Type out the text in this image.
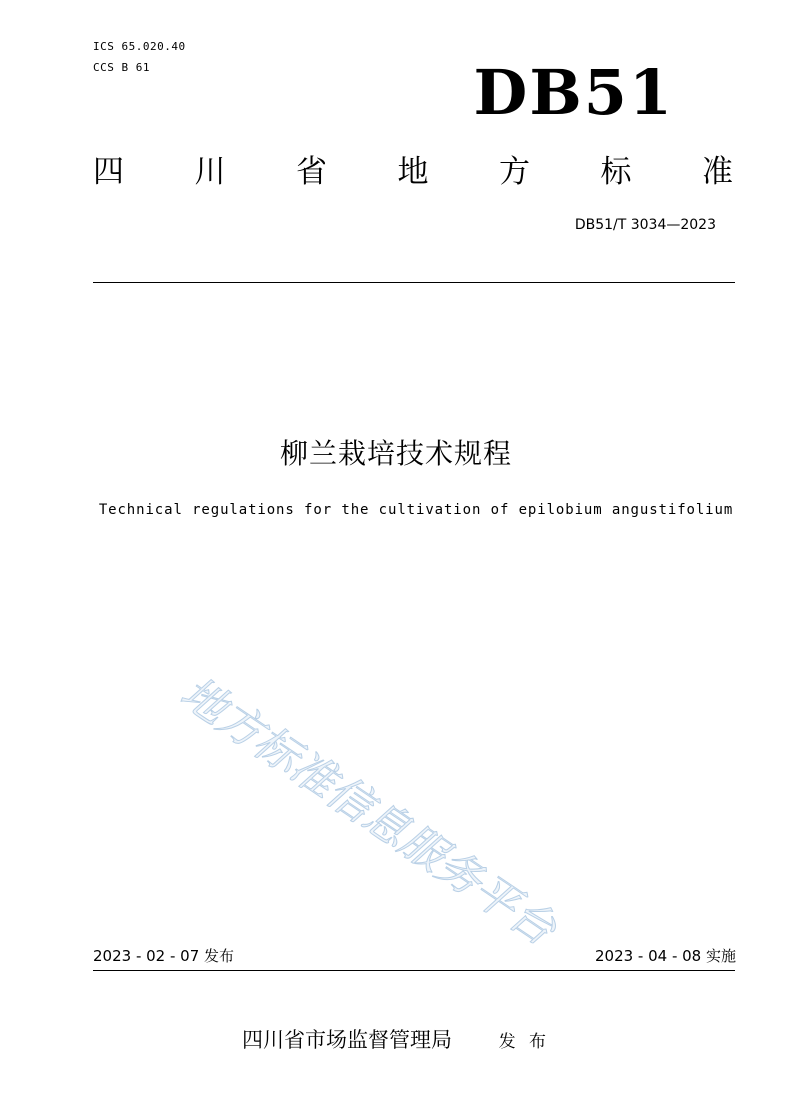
ICS 65.020.40
CCS B 61	DB51
四 川 省 地 方 标 准
DB51/T 3034—2023
柳兰栽培技术规程
Technical regulations for the cultivation of epilobium angustifolium
地方标准信息服务平台
2023 - 02 - 07 发布	2023 - 04 - 08 实施
四川省市场监督管理局	发 布
